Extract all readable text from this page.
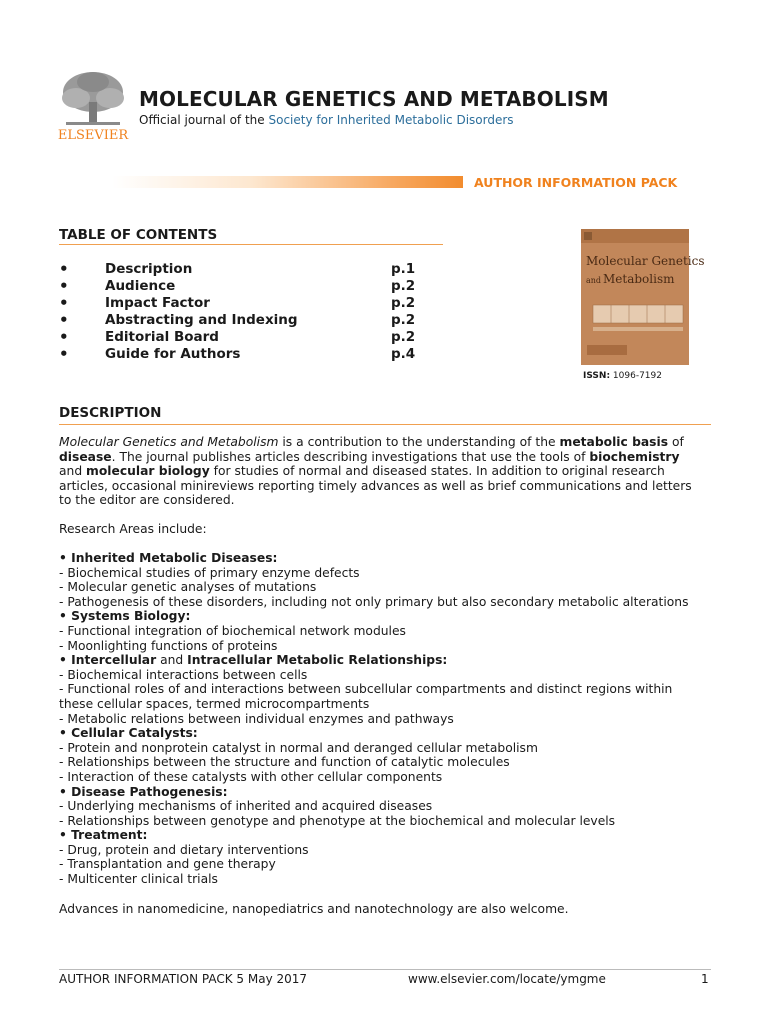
ELSEVIER
MOLECULAR GENETICS AND METABOLISM
Official journal of the Society for Inherited Metabolic Disorders
AUTHOR INFORMATION PACK
TABLE OF CONTENTS
•	Description	p.1
•	Audience	p.2
•	Impact Factor	p.2
•	Abstracting and Indexing	p.2
•	Editorial Board	p.2
•	Guide for Authors	p.4
Molecular Genetics
and Metabolism
ISSN: 1096-7192
DESCRIPTION
Molecular Genetics and Metabolism is a contribution to the understanding of the metabolic basis of
disease. The journal publishes articles describing investigations that use the tools of biochemistry
and molecular biology for studies of normal and diseased states. In addition to original research
articles, occasional minireviews reporting timely advances as well as brief communications and letters
to the editor are considered.
Research Areas include:
• Inherited Metabolic Diseases:
- Biochemical studies of primary enzyme defects
- Molecular genetic analyses of mutations
- Pathogenesis of these disorders, including not only primary but also secondary metabolic alterations
• Systems Biology:
- Functional integration of biochemical network modules
- Moonlighting functions of proteins
• Intercellular and Intracellular Metabolic Relationships:
- Biochemical interactions between cells
- Functional roles of and interactions between subcellular compartments and distinct regions within
these cellular spaces, termed microcompartments
- Metabolic relations between individual enzymes and pathways
• Cellular Catalysts:
- Protein and nonprotein catalyst in normal and deranged cellular metabolism
- Relationships between the structure and function of catalytic molecules
- Interaction of these catalysts with other cellular components
• Disease Pathogenesis:
- Underlying mechanisms of inherited and acquired diseases
- Relationships between genotype and phenotype at the biochemical and molecular levels
• Treatment:
- Drug, protein and dietary interventions
- Transplantation and gene therapy
- Multicenter clinical trials
Advances in nanomedicine, nanopediatrics and nanotechnology are also welcome.
AUTHOR INFORMATION PACK 5 May 2017	www.elsevier.com/locate/ymgme	1
